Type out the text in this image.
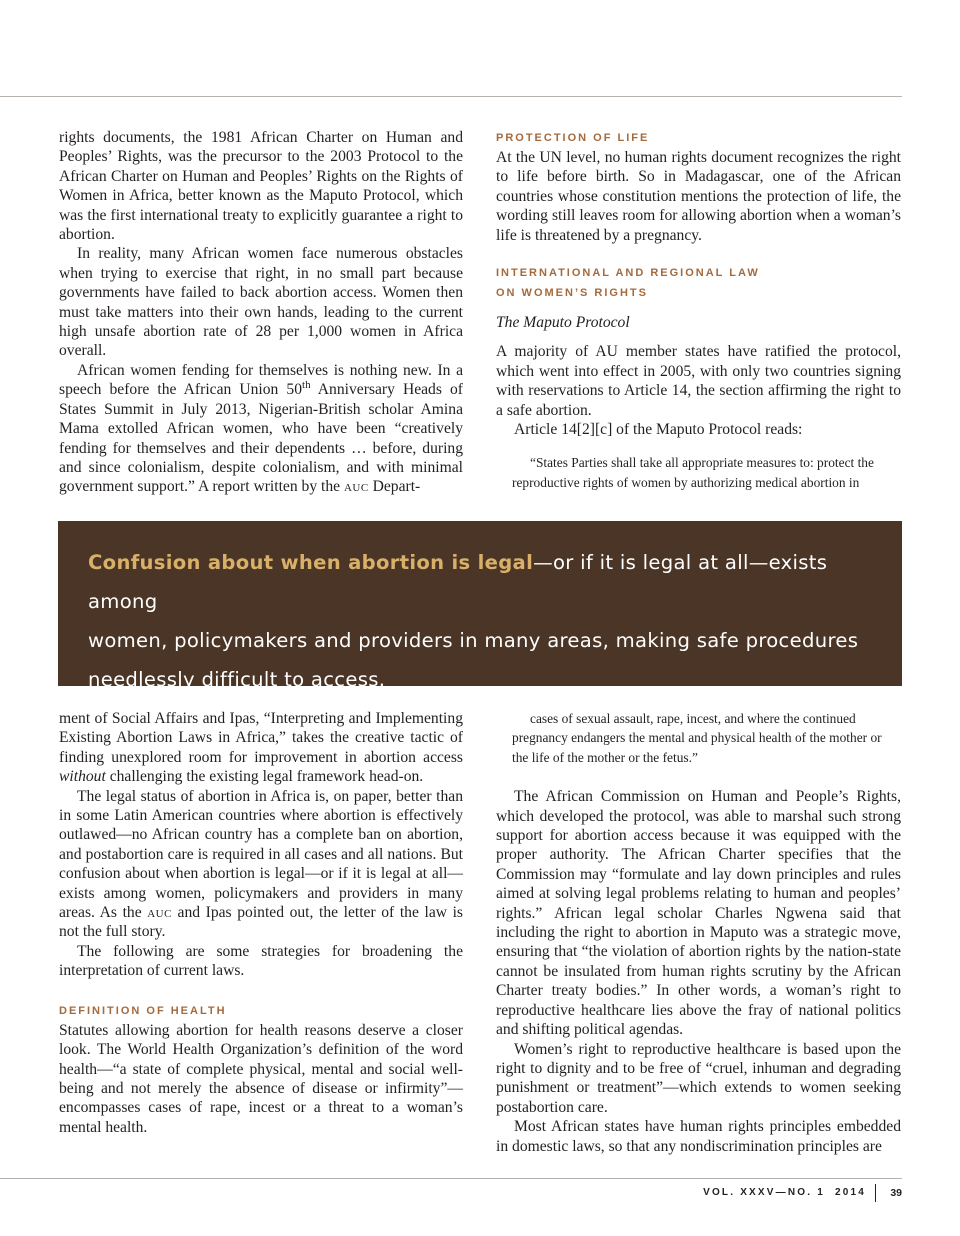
rights documents, the 1981 African Charter on Human and Peoples’ Rights, was the precursor to the 2003 Protocol to the African Charter on Human and Peoples’ Rights on the Rights of Women in Africa, better known as the Maputo Protocol, which was the first international treaty to explicitly guarantee a right to abortion.

In reality, many African women face numerous obstacles when trying to exercise that right, in no small part because governments have failed to back abortion access. Women then must take matters into their own hands, leading to the current high unsafe abortion rate of 28 per 1,000 women in Africa overall.

African women fending for themselves is nothing new. In a speech before the African Union 50th Anniversary Heads of States Summit in July 2013, Nigerian-British scholar Amina Mama extolled African women, who have been “creatively fending for themselves and their dependents … before, during and since colonialism, despite colonialism, and with minimal government support.” A report written by the auc Depart-

PROTECTION OF LIFE

At the UN level, no human rights document recognizes the right to life before birth. So in Madagascar, one of the African countries whose constitution mentions the protection of life, the wording still leaves room for allowing abortion when a woman’s life is threatened by a pregnancy.

INTERNATIONAL AND REGIONAL LAW
ON WOMEN’S RIGHTS
The Maputo Protocol

A majority of AU member states have ratified the protocol, which went into effect in 2005, with only two countries signing with reservations to Article 14, the section affirming the right to a safe abortion.

Article 14[2][c] of the Maputo Protocol reads:

“States Parties shall take all appropriate measures to: protect the reproductive rights of women by authorizing medical abortion in

Confusion about when abortion is legal—or if it is legal at all—exists among
women, policymakers and providers in many areas, making safe procedures
needlessly difficult to access.

ment of Social Affairs and Ipas, “Interpreting and Implementing Existing Abortion Laws in Africa,” takes the creative tactic of finding unexplored room for improvement in abortion access without challenging the existing legal framework head-on.

The legal status of abortion in Africa is, on paper, better than in some Latin American countries where abortion is effectively outlawed—no African country has a complete ban on abortion, and postabortion care is required in all cases and all nations. But confusion about when abortion is legal—or if it is legal at all—exists among women, policymakers and providers in many areas. As the auc and Ipas pointed out, the letter of the law is not the full story.

The following are some strategies for broadening the interpretation of current laws.

DEFINITION OF HEALTH

Statutes allowing abortion for health reasons deserve a closer look. The World Health Organization’s definition of the word health—“a state of complete physical, mental and social well-being and not merely the absence of disease or infirmity”—encompasses cases of rape, incest or a threat to a woman’s mental health.

cases of sexual assault, rape, incest, and where the continued pregnancy endangers the mental and physical health of the mother or the life of the mother or the fetus.”

The African Commission on Human and People’s Rights, which developed the protocol, was able to marshal such strong support for abortion access because it was equipped with the proper authority. The African Charter specifies that the Commission may “formulate and lay down principles and rules aimed at solving legal problems relating to human and peoples’ rights.” African legal scholar Charles Ngwena said that including the right to abortion in Maputo was a strategic move, ensuring that “the violation of abortion rights by the nation-state cannot be insulated from human rights scrutiny by the African Charter treaty bodies.” In other words, a woman’s right to reproductive healthcare lies above the fray of national politics and shifting political agendas.

Women’s right to reproductive healthcare is based upon the right to dignity and to be free of “cruel, inhuman and degrading punishment or treatment”—which extends to women seeking postabortion care.

Most African states have human rights principles embedded in domestic laws, so that any nondiscrimination principles are

VOL. XXXV—NO. 1  2014 39
